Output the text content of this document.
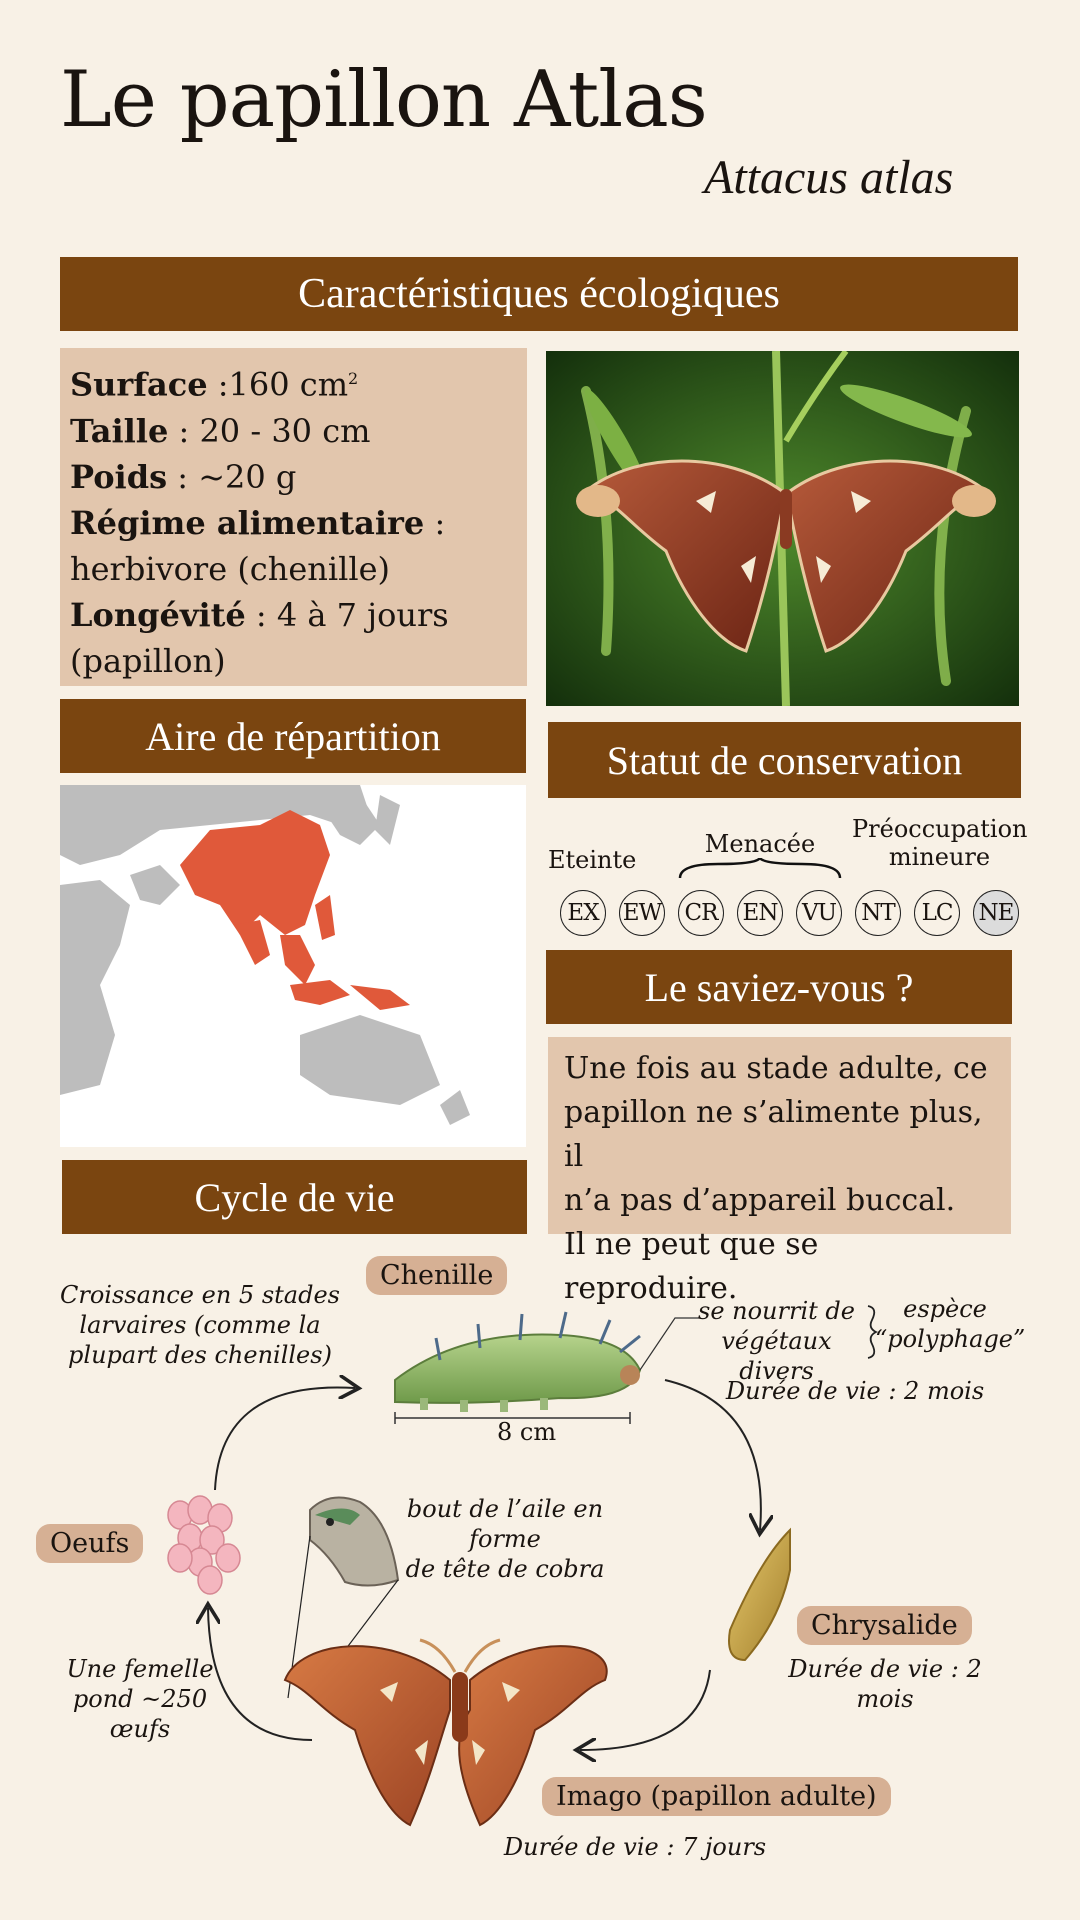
Le papillon Atlas
Attacus atlas
Caractéristiques écologiques
Surface :160 $cm^2$
Taille : 20 - 30 cm
Poids : ~20 g
Régime alimentaire :
herbivore (chenille)
Longévité : 4 à 7 jours
(papillon)
Aire de répartition
Statut de conservation
Eteinte
Menacée
Préoccupation
mineure
EX	EW CR EN VU NT	LC	NE
Le saviez-vous ?
Une fois au stade adulte, ce
papillon ne s’alimente plus, il
n’a pas d’appareil buccal.
Il ne peut que se reproduire.
Cycle de vie
Chenille
Croissance en 5 stades
larvaires (comme la
plupart des chenilles)
8 cm
se nourrit de
végétaux divers
espèce
“polyphage”
Durée de vie : 2 mois
Oeufs
bout de l’aile en forme
de tête de cobra
Chrysalide
Durée de vie : 2 mois
Une femelle
pond ~250
œufs
Imago (papillon adulte)
Durée de vie : 7 jours
